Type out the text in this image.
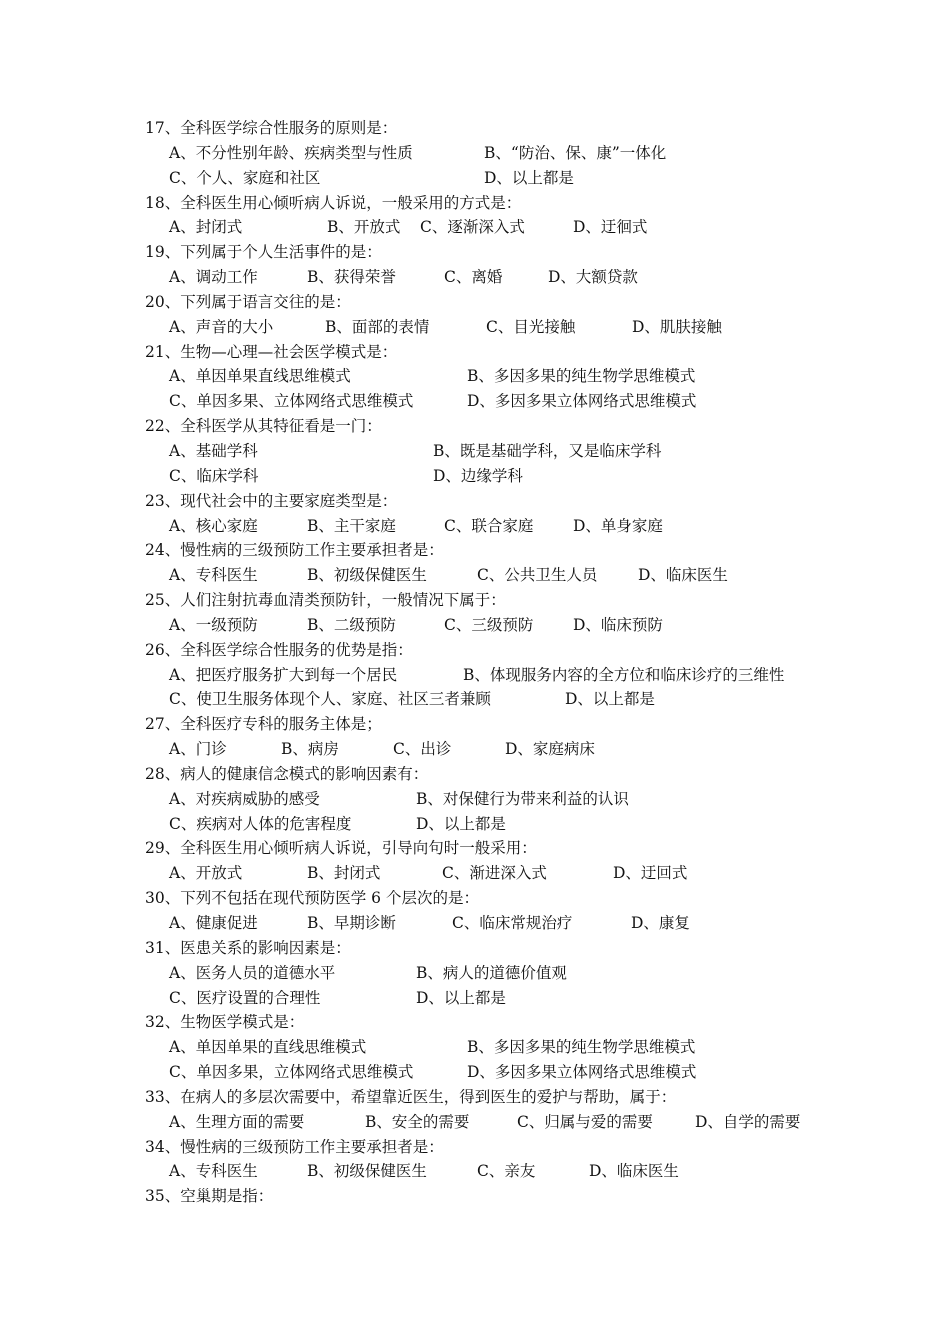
17、全科医学综合性服务的原则是：
A、不分性别年龄、疾病类型与性质	B、“防治、保、康”一体化
C、个人、家庭和社区	D、以上都是
18、全科医生用心倾听病人诉说，一般采用的方式是：
A、封闭式	B、开放式 C、逐渐深入式	D、迂徊式
19、下列属于个人生活事件的是：
A、调动工作	B、获得荣誉	C、离婚	D、大额贷款
20、下列属于语言交往的是：
A、声音的大小	B、面部的表情	C、目光接触	D、肌肤接触
21、生物—心理—社会医学模式是：
A、单因单果直线思维模式	B、多因多果的纯生物学思维模式
C、单因多果、立体网络式思维模式	D、多因多果立体网络式思维模式
22、全科医学从其特征看是一门：
A、基础学科	B、既是基础学科，又是临床学科
C、临床学科	D、边缘学科
23、现代社会中的主要家庭类型是：
A、核心家庭	B、主干家庭	C、联合家庭	D、单身家庭
24、慢性病的三级预防工作主要承担者是：
A、专科医生	B、初级保健医生	C、公共卫生人员	D、临床医生
25、人们注射抗毒血清类预防针，一般情况下属于：
A、一级预防	B、二级预防	C、三级预防	D、临床预防
26、全科医学综合性服务的优势是指：
A、把医疗服务扩大到每一个居民	B、体现服务内容的全方位和临床诊疗的三维性
C、使卫生服务体现个人、家庭、社区三者兼顾	D、以上都是
27、全科医疗专科的服务主体是；
A、门诊	B、病房	C、出诊	D、家庭病床
28、病人的健康信念模式的影响因素有：
A、对疾病威胁的感受	B、对保健行为带来利益的认识
C、疾病对人体的危害程度	D、以上都是
29、全科医生用心倾听病人诉说，引导向句时一般采用：
A、开放式	B、封闭式	C、渐进深入式	D、迂回式
30、下列不包括在现代预防医学 6 个层次的是：
A、健康促进	B、早期诊断	C、临床常规治疗	D、康复
31、医患关系的影响因素是：
A、医务人员的道德水平	B、病人的道德价值观
C、医疗设置的合理性	D、以上都是
32、生物医学模式是：
A、单因单果的直线思维模式	B、多因多果的纯生物学思维模式
C、单因多果，立体网络式思维模式	D、多因多果立体网络式思维模式
33、在病人的多层次需要中，希望靠近医生，得到医生的爱护与帮助，属于：
A、生理方面的需要	B、安全的需要	C、归属与爱的需要	D、自学的需要
34、慢性病的三级预防工作主要承担者是：
A、专科医生	B、初级保健医生	C、亲友	D、临床医生
35、空巢期是指：
